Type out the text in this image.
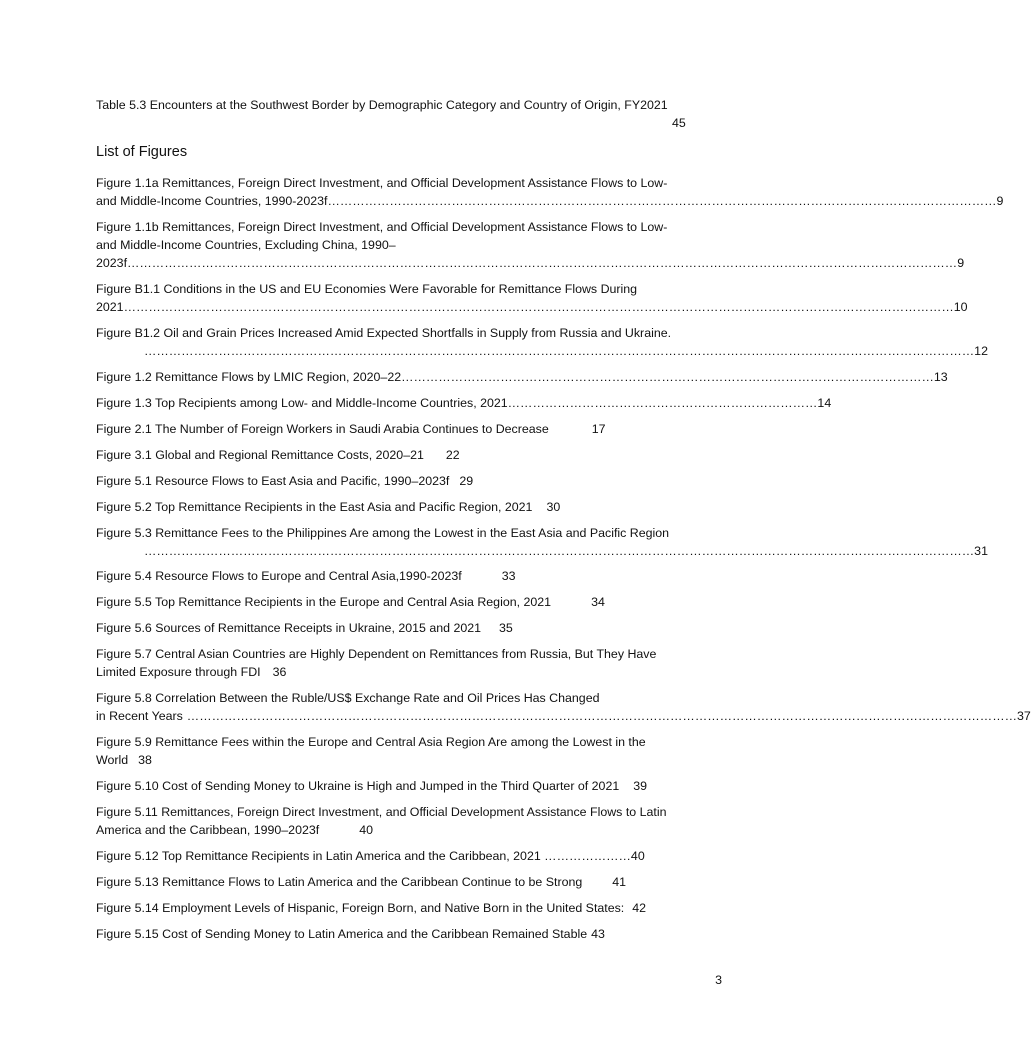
Table 5.3 Encounters at the Southwest Border by Demographic Category and Country of Origin, FY2021
45
List of Figures
Figure 1.1a Remittances, Foreign Direct Investment, and Official Development Assistance Flows to Low-
and Middle-Income Countries, 1990-2023f ……………………………………………………………………………………………………………………………………………… 9
Figure 1.1b Remittances, Foreign Direct Investment, and Official Development Assistance Flows to Low-
and Middle-Income Countries, Excluding China, 1990–
2023f ………………………………………………………………………………………………………………………………………………………………………………… 9
Figure B1.1 Conditions in the US and EU Economies Were Favorable for Remittance Flows During
2021 ………………………………………………………………………………………………………………………………………………………………………………… 10
Figure B1.2 Oil and Grain Prices Increased Amid Expected Shortfalls in Supply from Russia and Ukraine.
………………………………………………………………………………………………………………………………………………………………………………… 12
Figure 1.2 Remittance Flows by LMIC Region, 2020–22 ………………………………………………………………………………………………………………… 13
Figure 1.3 Top Recipients among Low- and Middle-Income Countries, 2021 ………………………………………………………………… 14
Figure 2.1 The Number of Foreign Workers in Saudi Arabia Continues to Decrease	17
Figure 3.1 Global and Regional Remittance Costs, 2020–21 22
Figure 5.1 Resource Flows to East Asia and Pacific, 1990–2023f 29
Figure 5.2 Top Remittance Recipients in the East Asia and Pacific Region, 2021 30
Figure 5.3 Remittance Fees to the Philippines Are among the Lowest in the East Asia and Pacific Region
………………………………………………………………………………………………………………………………………………………………………………… 31
Figure 5.4 Resource Flows to Europe and Central Asia,1990-2023f	33
Figure 5.5 Top Remittance Recipients in the Europe and Central Asia Region, 2021	34
Figure 5.6 Sources of Remittance Receipts in Ukraine, 2015 and 2021 35
Figure 5.7 Central Asian Countries are Highly Dependent on Remittances from Russia, But They Have
Limited Exposure through FDI 36
Figure 5.8 Correlation Between the Ruble/US$ Exchange Rate and Oil Prices Has Changed
in Recent Years ………………………………………………………………………………………………………………………………………………………………………………… 37
Figure 5.9 Remittance Fees within the Europe and Central Asia Region Are among the Lowest in the
World 38
Figure 5.10 Cost of Sending Money to Ukraine is High and Jumped in the Third Quarter of 2021 39
Figure 5.11 Remittances, Foreign Direct Investment, and Official Development Assistance Flows to Latin
America and the Caribbean, 1990–2023f	40
Figure 5.12 Top Remittance Recipients in Latin America and the Caribbean, 2021 …………………40
Figure 5.13 Remittance Flows to Latin America and the Caribbean Continue to be Strong 41
Figure 5.14 Employment Levels of Hispanic, Foreign Born, and Native Born in the United States: 42
Figure 5.15 Cost of Sending Money to Latin America and the Caribbean Remained Stable 43
3
